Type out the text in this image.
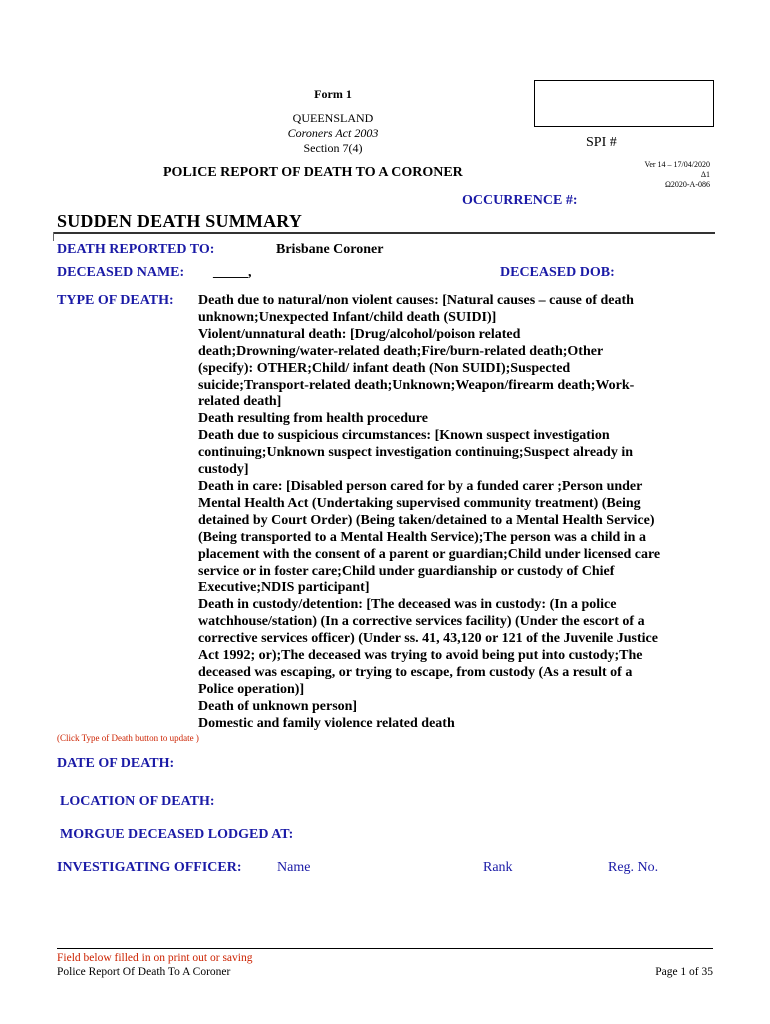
Form 1
QUEENSLAND
Coroners Act 2003
Section 7(4)	SPI #
Ver 14 – 17/04/2020
Δ1
Ω2020-A-086
POLICE REPORT OF DEATH TO A CORONER
OCCURRENCE #:
SUDDEN DEATH SUMMARY
DEATH REPORTED TO:	Brisbane Coroner
DECEASED NAME: _____,	DECEASED DOB:
TYPE OF DEATH: Death due to natural/non violent causes: [Natural causes – cause of death
unknown;Unexpected Infant/child death (SUIDI)]
Violent/unnatural death: [Drug/alcohol/poison related
death;Drowning/water-related death;Fire/burn-related death;Other
(specify): OTHER;Child/ infant death (Non SUIDI);Suspected
suicide;Transport-related death;Unknown;Weapon/firearm death;Work-
related death]
Death resulting from health procedure
Death due to suspicious circumstances: [Known suspect investigation
continuing;Unknown suspect investigation continuing;Suspect already in
custody]
Death in care: [Disabled person cared for by a funded carer ;Person under
Mental Health Act (Undertaking supervised community treatment) (Being
detained by Court Order) (Being taken/detained to a Mental Health Service)
(Being transported to a Mental Health Service);The person was a child in a
placement with the consent of a parent or guardian;Child under licensed care
service or in foster care;Child under guardianship or custody of Chief
Executive;NDIS participant]
Death in custody/detention: [The deceased was in custody: (In a police
watchhouse/station) (In a corrective services facility) (Under the escort of a
corrective services officer) (Under ss. 41, 43,120 or 121 of the Juvenile Justice
Act 1992; or);The deceased was trying to avoid being put into custody;The
deceased was escaping, or trying to escape, from custody (As a result of a
Police operation)]
Death of unknown person]
Domestic and family violence related death
(Click Type of Death button to update )
DATE OF DEATH:
LOCATION OF DEATH:
MORGUE DECEASED LODGED AT:
INVESTIGATING OFFICER:	Name	Rank	Reg. No.
Field below filled in on print out or saving
Police Report Of Death To A Coroner	Page 1 of 35
